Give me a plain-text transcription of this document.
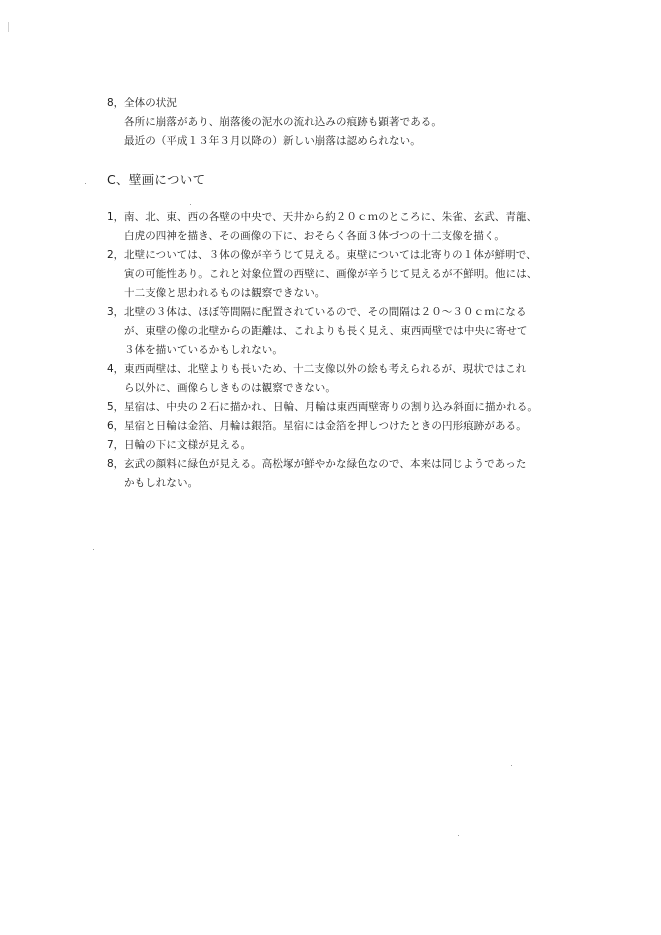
8， 全体の状況
各所に崩落があり、崩落後の泥水の流れ込みの痕跡も顕著である。
最近の（平成１３年３月以降の）新しい崩落は認められない。
C、壁画について
1， 南、北、東、西の各壁の中央で、天井から約２０ｃｍのところに、朱雀、玄武、青龍、
白虎の四神を描き、その画像の下に、おそらく各面３体づつの十二支像を描く。
2， 北壁については、３体の像が辛うじて見える。東壁については北寄りの１体が鮮明で、
寅の可能性あり。これと対象位置の西壁に、画像が辛うじて見えるが不鮮明。他には、
十二支像と思われるものは観察できない。
3， 北壁の３体は、ほぼ等間隔に配置されているので、その間隔は２０～３０ｃｍになる
が、東壁の像の北壁からの距離は、これよりも長く見え、東西両壁では中央に寄せて
３体を描いているかもしれない。
4， 東西両壁は、北壁よりも長いため、十二支像以外の絵も考えられるが、現状ではこれ
ら以外に、画像らしきものは観察できない。
5， 星宿は、中央の２石に描かれ、日輪、月輪は東西両壁寄りの割り込み斜面に描かれる。
6， 星宿と日輪は金箔、月輪は銀箔。星宿には金箔を押しつけたときの円形痕跡がある。
7， 日輪の下に文様が見える。
8， 玄武の顔料に緑色が見える。高松塚が鮮やかな緑色なので、本来は同じようであった
かもしれない。
